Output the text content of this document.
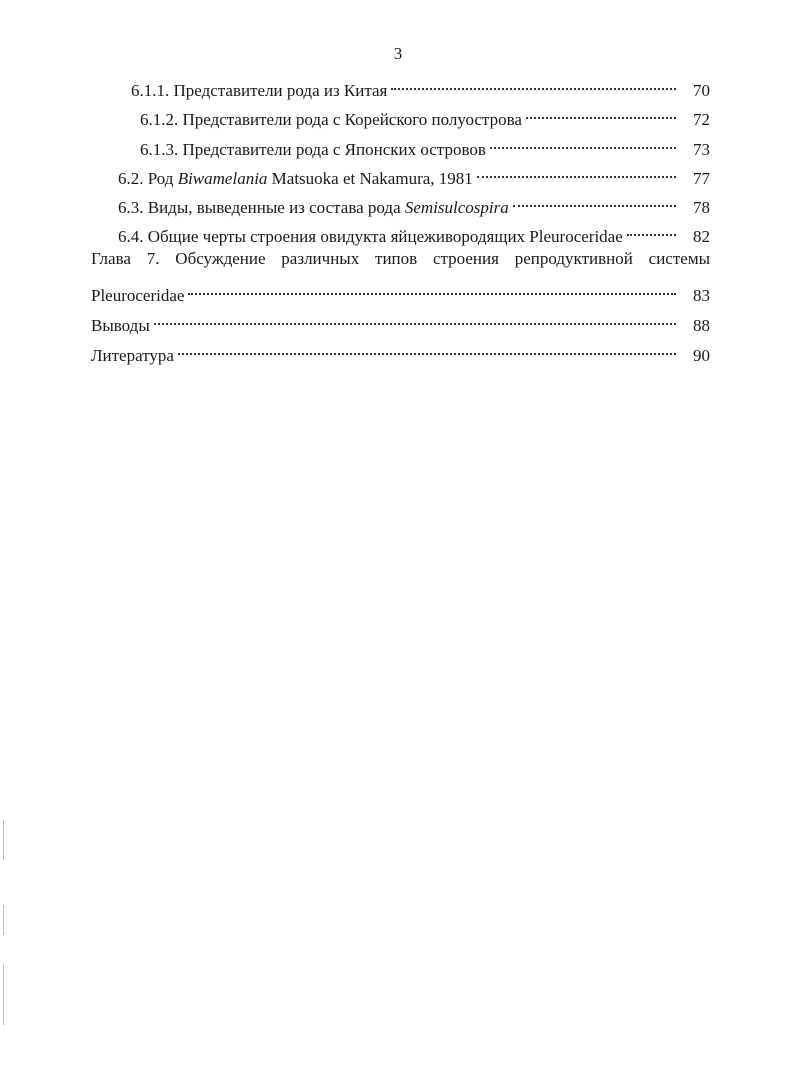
3
6.1.1. Представители рода из Китая	70
6.1.2. Представители рода с Корейского полуострова	72
6.1.3. Представители рода с Японских островов	73
6.2. Род Biwamelania Matsuoka et Nakamura, 1981	77
6.3. Виды, выведенные из состава рода Semisulcospira	78
6.4. Общие черты строения овидукта яйцеживородящих Pleuroceridae	82
Глава 7. Обсуждение различных типов строения репродуктивной системы
Pleuroceridae	83
Выводы	88
Литература	90
